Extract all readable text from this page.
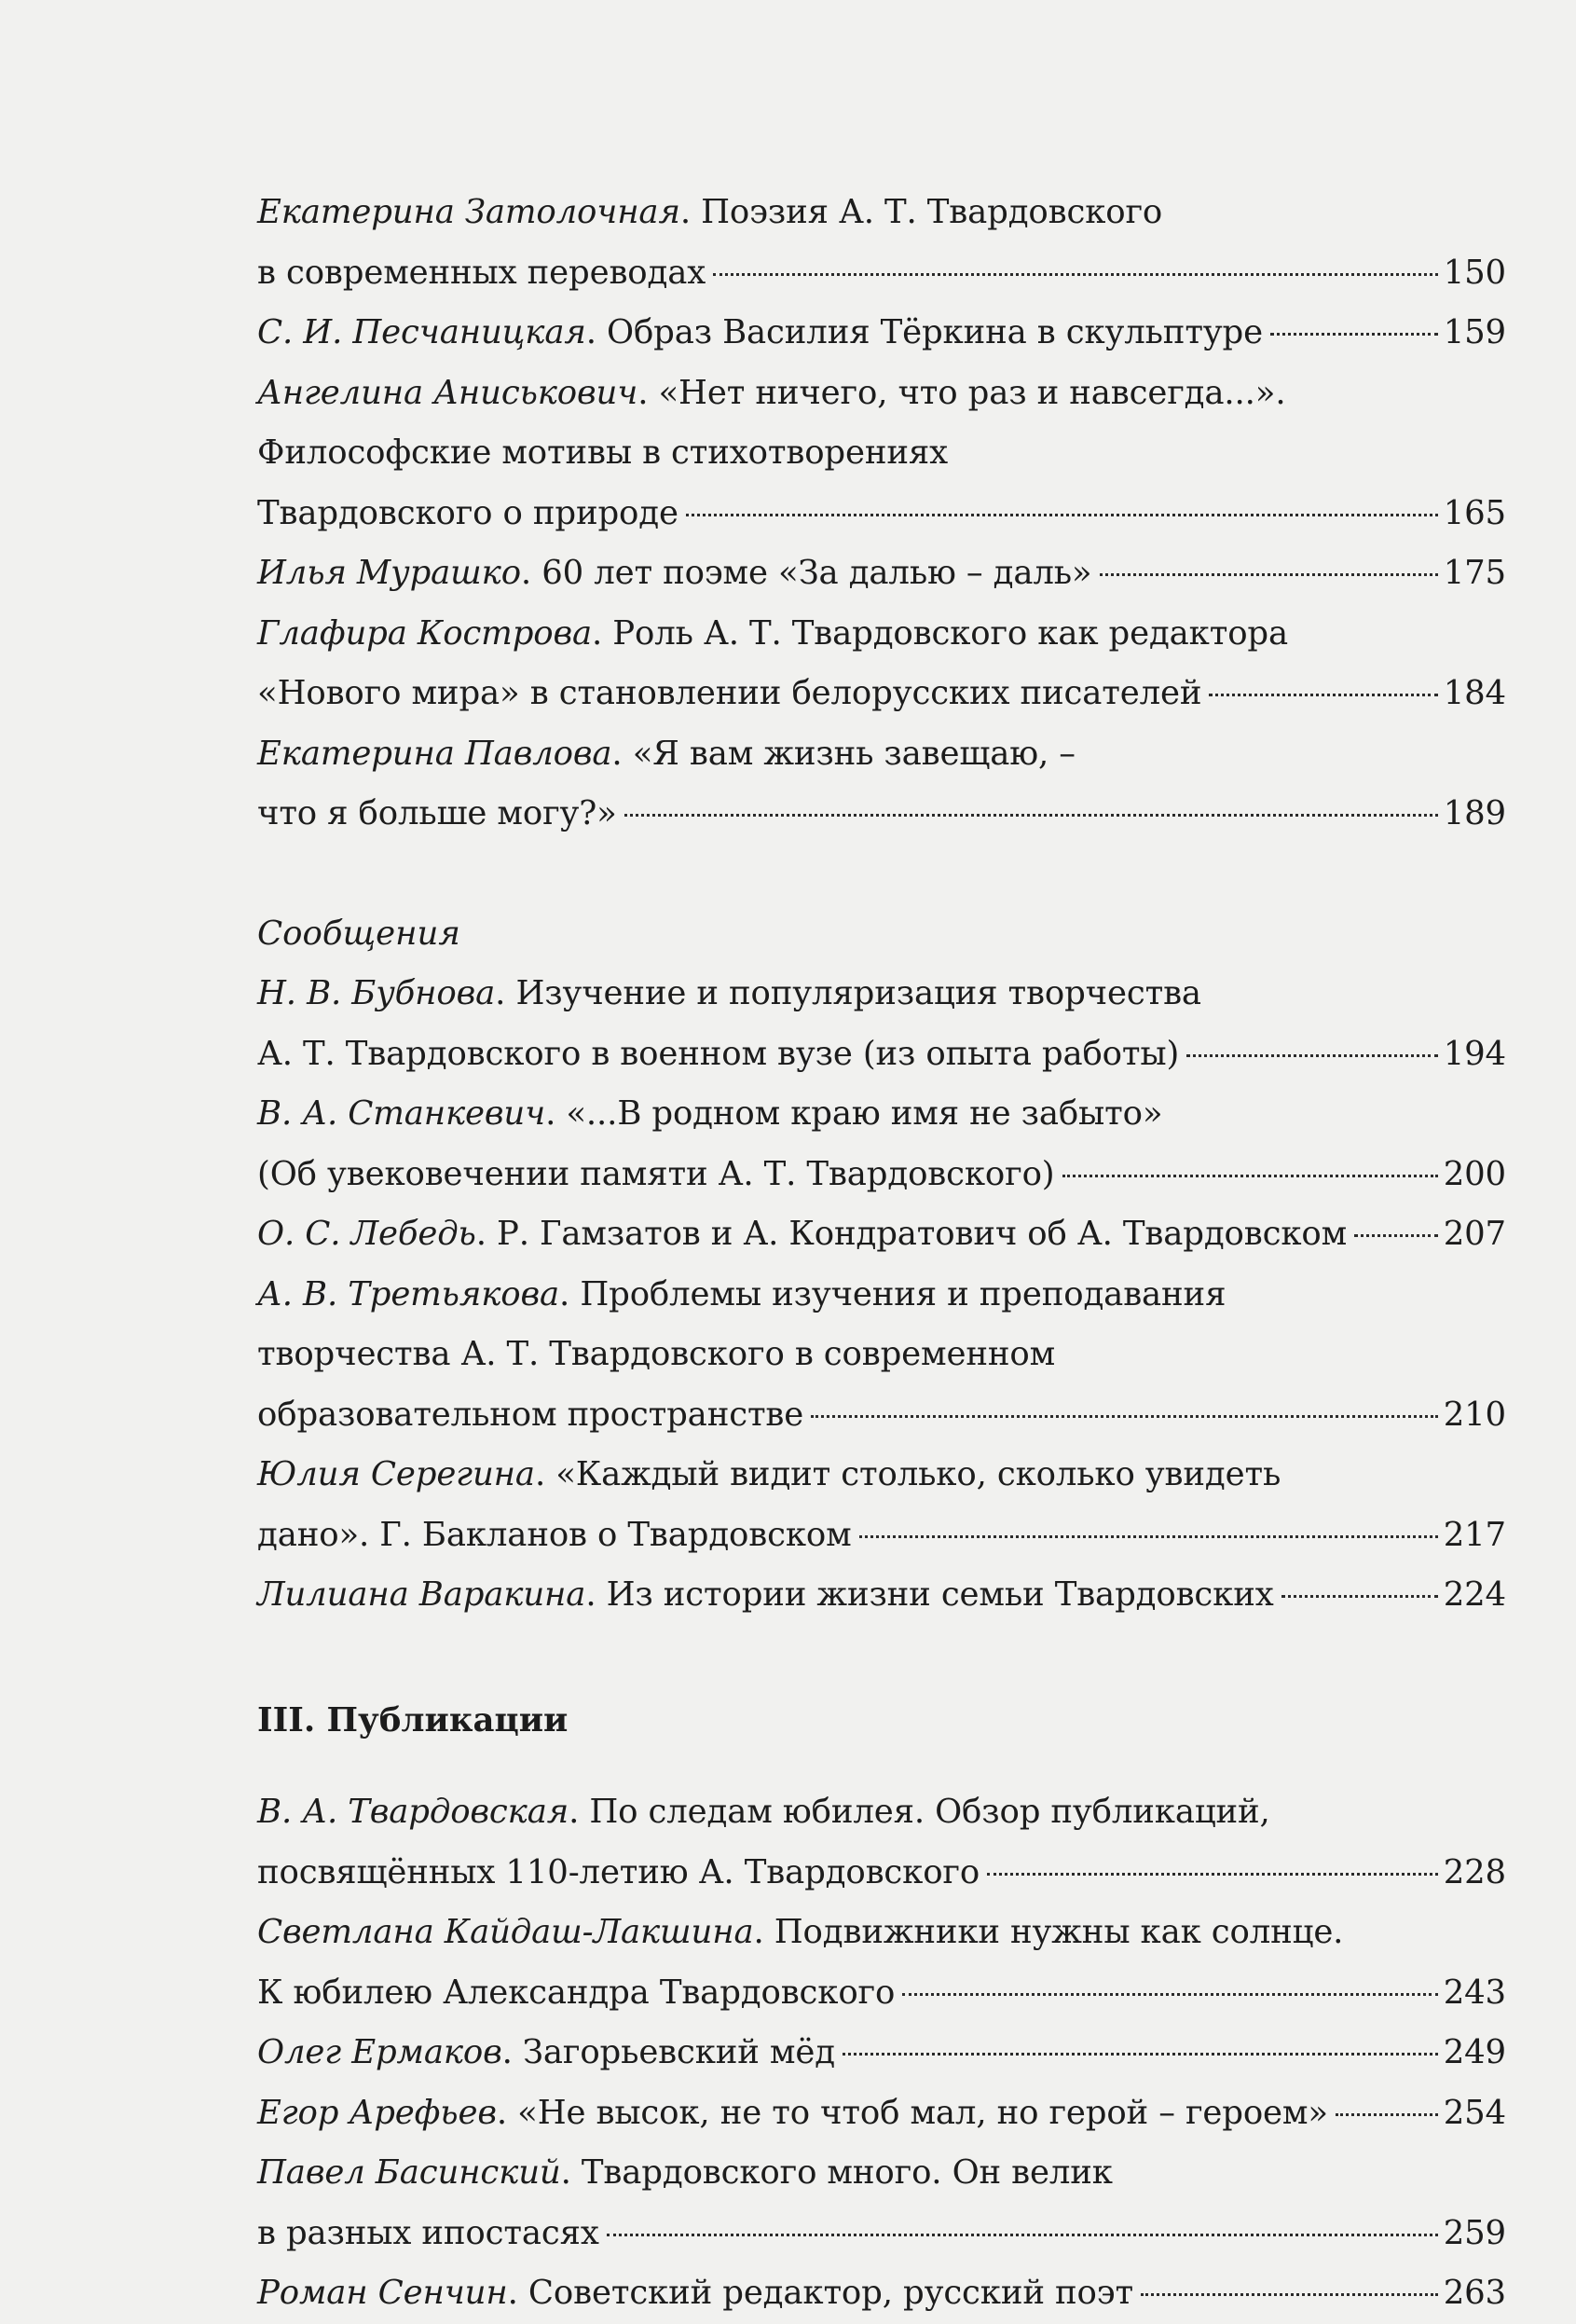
Екатерина Затолочная. Поэзия А. Т. Твардовского
в современных переводах	150
С. И. Песчаницкая. Образ Василия Тёркина в скульптуре	159
Ангелина Аниськович. «Нет ничего, что раз и навсегда...».
Философские мотивы в стихотворениях
Твардовского о природе	165
Илья Мурашко. 60 лет поэме «За далью – даль»	175
Глафира Кострова. Роль А. Т. Твардовского как редактора
«Нового мира» в становлении белорусских писателей	184
Екатерина Павлова. «Я вам жизнь завещаю, –
что я больше могу?»	189
Сообщения
Н. В. Бубнова. Изучение и популяризация творчества
А. Т. Твардовского в военном вузе (из опыта работы)	194
В. А. Станкевич. «...В родном краю имя не забыто»
(Об увековечении памяти А. Т. Твардовского)	200
О. С. Лебедь. Р. Гамзатов и А. Кондратович об А. Твардовском	207
А. В. Третьякова. Проблемы изучения и преподавания
творчества А. Т. Твардовского в современном
образовательном пространстве	210
Юлия Серегина. «Каждый видит столько, сколько увидеть
дано». Г. Бакланов о Твардовском	217
Лилиана Варакина. Из истории жизни семьи Твардовских	224
III. Публикации
В. А. Твардовская. По следам юбилея. Обзор публикаций,
посвящённых 110-летию А. Твардовского	228
Светлана Кайдаш-Лакшина. Подвижники нужны как солнце.
К юбилею Александра Твардовского	243
Олег Ермаков. Загорьевский мёд	249
Егор Арефьев. «Не высок, не то чтоб мал, но герой – героем»	254
Павел Басинский. Твардовского много. Он велик
в разных ипостасях	259
Роман Сенчин. Советский редактор, русский поэт	263
